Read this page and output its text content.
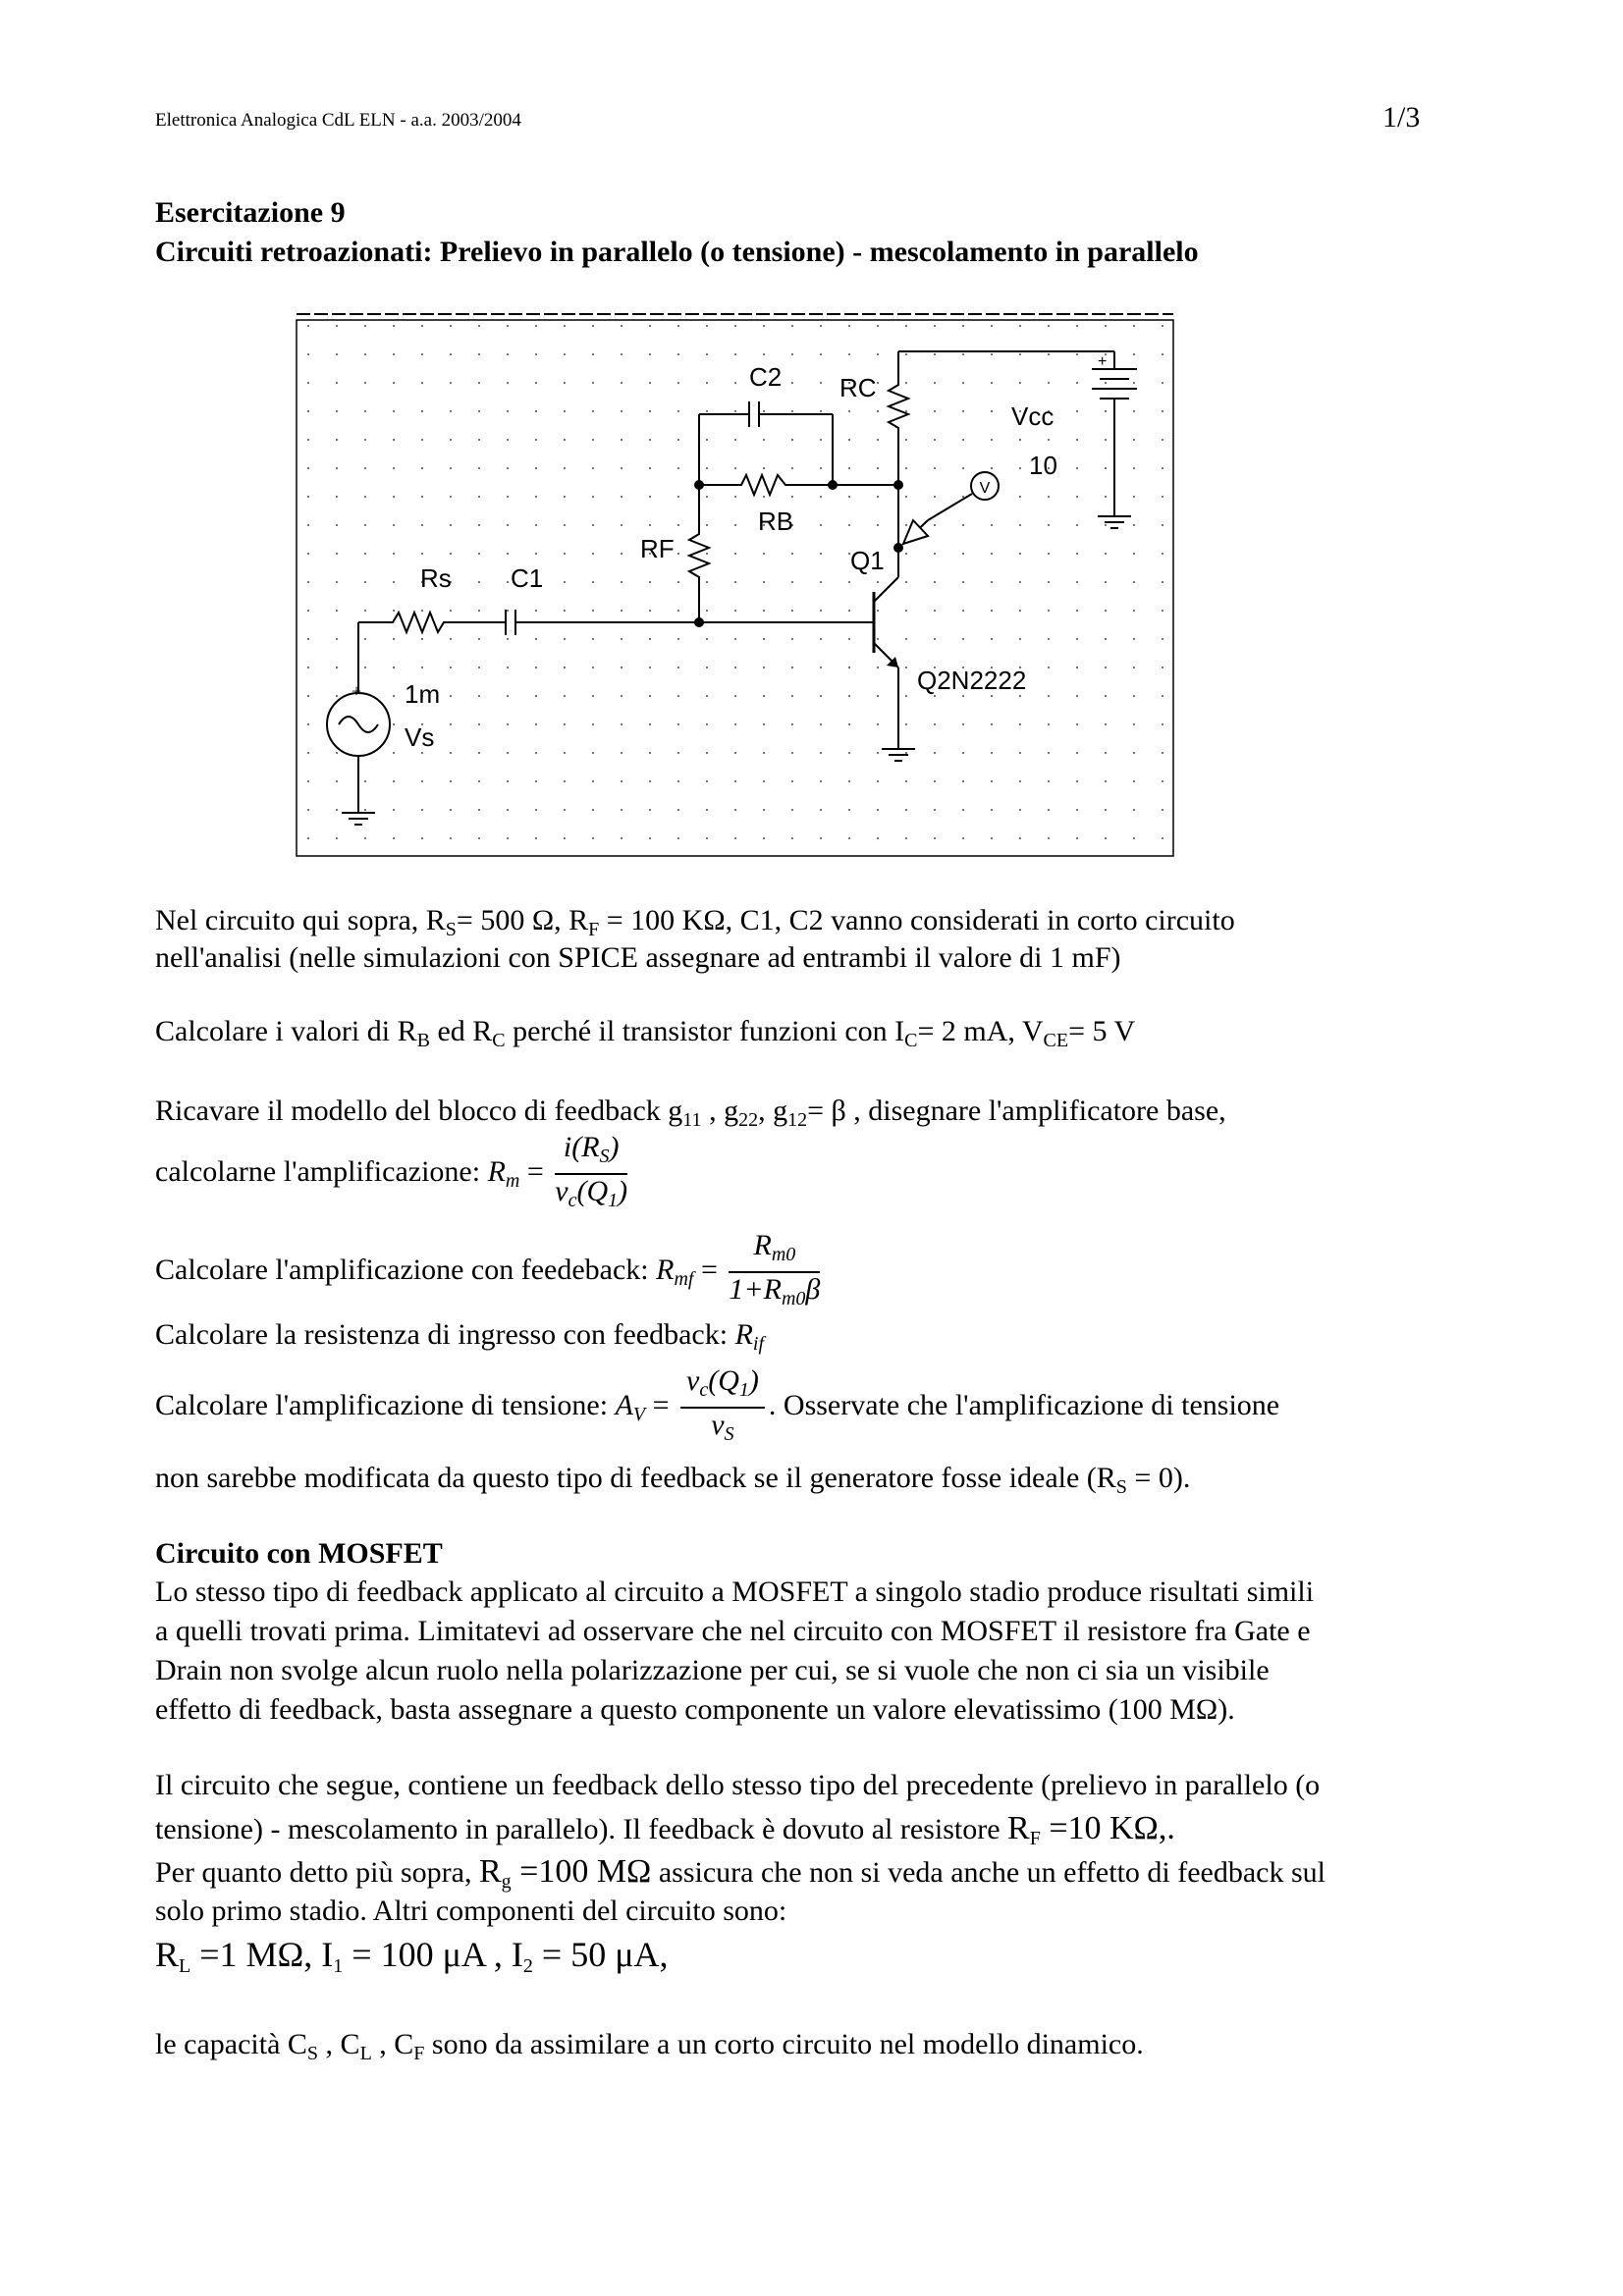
Elettronica Analogica CdL ELN - a.a. 2003/2004	1/3
Esercitazione 9
Circuiti retroazionati: Prelievo in parallelo (o tensione) - mescolamento in parallelo
+
V
C2 RC
Vcc
10
+
RB
RF	Q1
Rs C1
1m
Vs
Q2N2222
Nel circuito qui sopra, $R_S= 500$ Ω, $R_F = 100$ KΩ, C1, C2 vanno considerati in corto circuito
nell'analisi (nelle simulazioni con SPICE assegnare ad entrambi il valore di 1 mF)
Calcolare i valori di $R_B$ ed $R_C$ perché il transistor funzioni con $I_C= 2$ mA, $V_{CE}= 5$ V
Ricavare il modello del blocco di feedback $g_{11}$ , $g_{22}$, $g_{12}= \beta$ , disegnare l'amplificatore base,
calcolarne l'amplificazione: $R_m = \frac{i(R_S)}{v_c(Q_1)}$
Calcolare l'amplificazione con feedeback: $R_{mf} = \frac{R_{m0}}{1+R_{m0}\beta}$
Calcolare la resistenza di ingresso con feedback: $R_{if}$
Calcolare l'amplificazione di tensione: $A_V = \frac{v_c(Q_1)}{v_S}$ . Osservate che l'amplificazione di tensione
non sarebbe modificata da questo tipo di feedback se il generatore fosse ideale $(R_S = 0)$.
Circuito con MOSFET
Lo stesso tipo di feedback applicato al circuito a MOSFET a singolo stadio produce risultati simili
a quelli trovati prima. Limitatevi ad osservare che nel circuito con MOSFET il resistore fra Gate e
Drain non svolge alcun ruolo nella polarizzazione per cui, se si vuole che non ci sia un visibile
effetto di feedback, basta assegnare a questo componente un valore elevatissimo (100 MΩ).
Il circuito che segue, contiene un feedback dello stesso tipo del precedente (prelievo in parallelo (o
tensione) - mescolamento in parallelo). Il feedback è dovuto al resistore $R_F =10$ KΩ,.
Per quanto detto più sopra, $R_g =100$ MΩ assicura che non si veda anche un effetto di feedback sul
solo primo stadio. Altri componenti del circuito sono:
$R_L =1$ MΩ, $I_1 = 100$ μA , $I_2 = 50$ μA,
le capacità $C_S$ , $C_L$ , $C_F$ sono da assimilare a un corto circuito nel modello dinamico.
